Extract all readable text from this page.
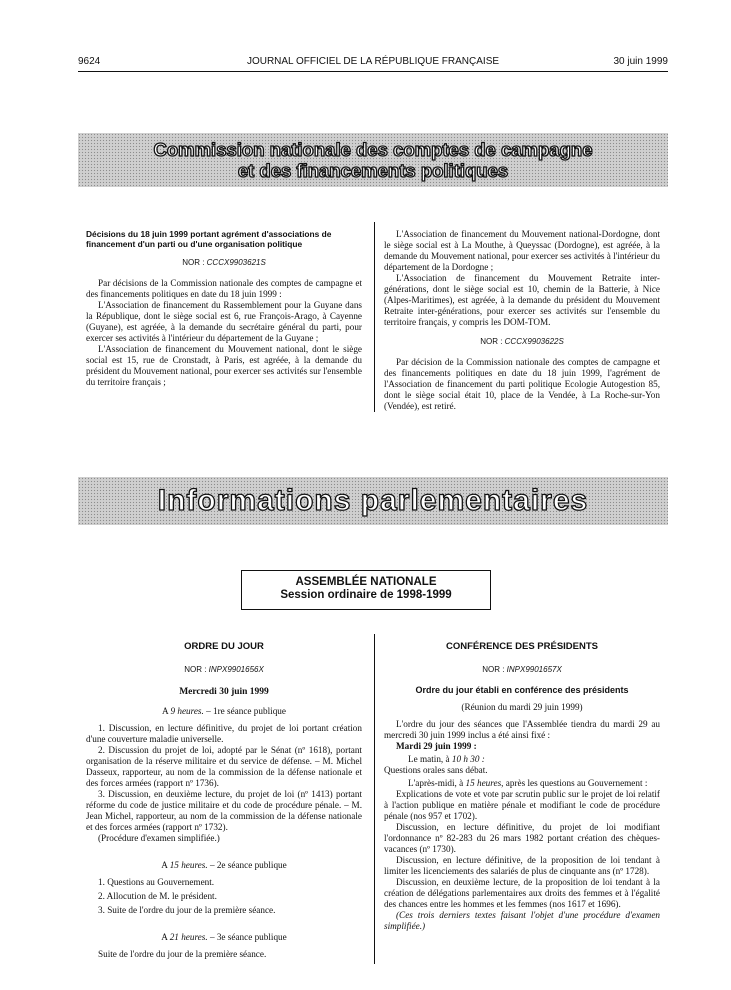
9624	JOURNAL OFFICIEL DE LA RÉPUBLIQUE FRANÇAISE	30 juin 1999
Commission nationale des comptes de campagne
et des financements politiques
Décisions du 18 juin 1999 portant agrément d'associations de financement d'un parti ou d'une organisation politique
NOR : CCCX9903621S

Par décisions de la Commission nationale des comptes de campagne et des financements politiques en date du 18 juin 1999 :

L'Association de financement du Rassemblement pour la Guyane dans la République, dont le siège social est 6, rue François-Arago, à Cayenne (Guyane), est agréée, à la demande du secrétaire général du parti, pour exercer ses activités à l'intérieur du département de la Guyane ;

L'Association de financement du Mouvement national, dont le siège social est 15, rue de Cronstadt, à Paris, est agréée, à la demande du président du Mouvement national, pour exercer ses activités sur l'ensemble du territoire français ;

L'Association de financement du Mouvement national-Dordogne, dont le siège social est à La Mouthe, à Queyssac (Dordogne), est agréée, à la demande du Mouvement national, pour exercer ses activités à l'intérieur du département de la Dordogne ;

L'Association de financement du Mouvement Retraite inter-générations, dont le siège social est 10, chemin de la Batterie, à Nice (Alpes-Maritimes), est agréée, à la demande du président du Mouvement Retraite inter-générations, pour exercer ses activités sur l'ensemble du territoire français, y compris les DOM-TOM.

NOR : CCCX9903622S

Par décision de la Commission nationale des comptes de campagne et des financements politiques en date du 18 juin 1999, l'agrément de l'Association de financement du parti politique Ecologie Autogestion 85, dont le siège social était 10, place de la Vendée, à La Roche-sur-Yon (Vendée), est retiré.

Informations parlementaires
ASSEMBLÉE NATIONALE
Session ordinaire de 1998-1999
ORDRE DU JOUR
NOR : INPX9901656X
Mercredi 30 juin 1999

A 9 heures. – 1re séance publique

1. Discussion, en lecture définitive, du projet de loi portant création d'une couverture maladie universelle.

2. Discussion du projet de loi, adopté par le Sénat (nº 1618), portant organisation de la réserve militaire et du service de défense. – M. Michel Dasseux, rapporteur, au nom de la commission de la défense nationale et des forces armées (rapport nº 1736).

3. Discussion, en deuxième lecture, du projet de loi (nº 1413) portant réforme du code de justice militaire et du code de procédure pénale. – M. Jean Michel, rapporteur, au nom de la commission de la défense nationale et des forces armées (rapport nº 1732).

(Procédure d'examen simplifiée.)

A 15 heures. – 2e séance publique

1. Questions au Gouvernement.

2. Allocution de M. le président.

3. Suite de l'ordre du jour de la première séance.

A 21 heures. – 3e séance publique

Suite de l'ordre du jour de la première séance.

CONFÉRENCE DES PRÉSIDENTS
NOR : INPX9901657X
Ordre du jour établi en conférence des présidents

(Réunion du mardi 29 juin 1999)

L'ordre du jour des séances que l'Assemblée tiendra du mardi 29 au mercredi 30 juin 1999 inclus a été ainsi fixé :

Mardi 29 juin 1999 :

Le matin, à 10 h 30 :

Questions orales sans débat.

L'après-midi, à 15 heures, après les questions au Gouvernement :

Explications de vote et vote par scrutin public sur le projet de loi relatif à l'action publique en matière pénale et modifiant le code de procédure pénale (nos 957 et 1702).

Discussion, en lecture définitive, du projet de loi modifiant l'ordonnance nº 82-283 du 26 mars 1982 portant création des chèques-vacances (nº 1730).

Discussion, en lecture définitive, de la proposition de loi tendant à limiter les licenciements des salariés de plus de cinquante ans (nº 1728).

Discussion, en deuxième lecture, de la proposition de loi tendant à la création de délégations parlementaires aux droits des femmes et à l'égalité des chances entre les hommes et les femmes (nos 1617 et 1696).

(Ces trois derniers textes faisant l'objet d'une procédure d'examen simplifiée.)
